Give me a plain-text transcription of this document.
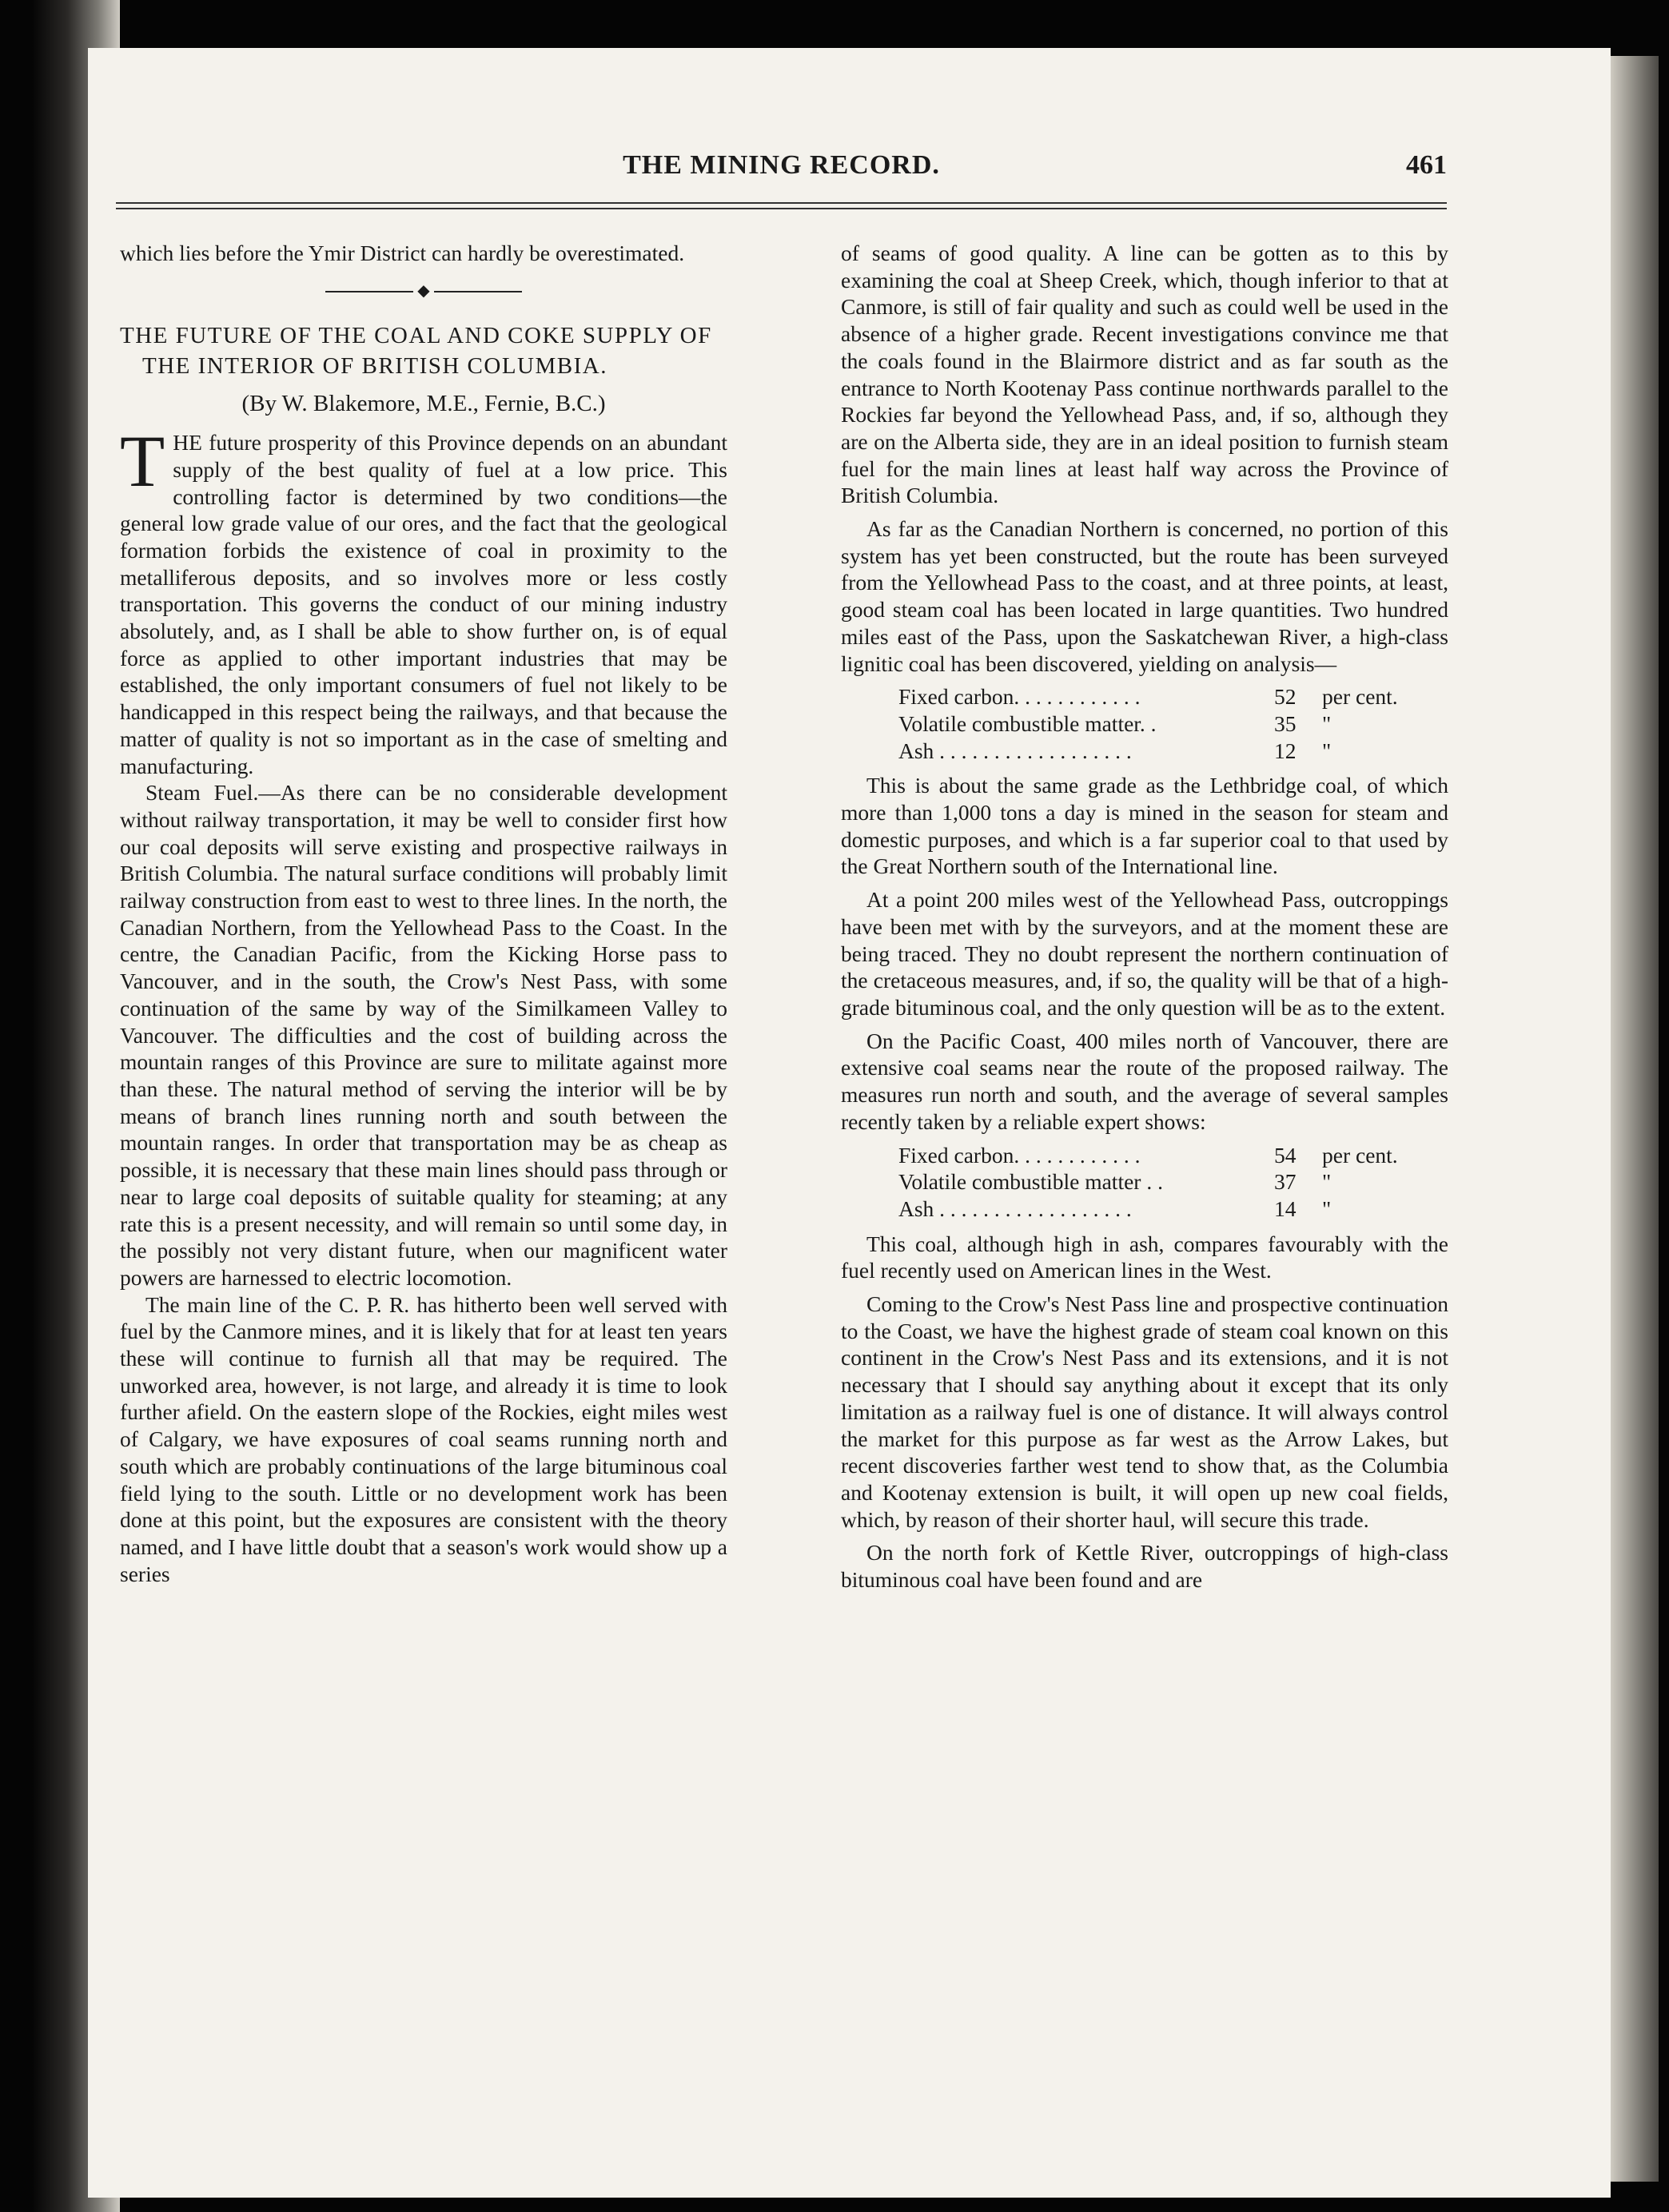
THE MINING RECORD.	461

which lies before the Ymir District can hardly be overestimated.

◆
THE FUTURE OF THE COAL AND COKE SUPPLY OF THE INTERIOR OF BRITISH COLUMBIA.
(By W. Blakemore, M.E., Fernie, B.C.)

THE future prosperity of this Province depends on an abundant supply of the best quality of fuel at a low price. This controlling factor is determined by two conditions—the general low grade value of our ores, and the fact that the geological formation forbids the existence of coal in proximity to the metalliferous deposits, and so involves more or less costly transportation. This governs the conduct of our mining industry absolutely, and, as I shall be able to show further on, is of equal force as applied to other important industries that may be established, the only important consumers of fuel not likely to be handicapped in this respect being the railways, and that because the matter of quality is not so important as in the case of smelting and manufacturing.

Steam Fuel.—As there can be no considerable development without railway transportation, it may be well to consider first how our coal deposits will serve existing and prospective railways in British Columbia. The natural surface conditions will probably limit railway construction from east to west to three lines. In the north, the Canadian Northern, from the Yellowhead Pass to the Coast. In the centre, the Canadian Pacific, from the Kicking Horse pass to Vancouver, and in the south, the Crow's Nest Pass, with some continuation of the same by way of the Similkameen Valley to Vancouver. The difficulties and the cost of building across the mountain ranges of this Province are sure to militate against more than these. The natural method of serving the interior will be by means of branch lines running north and south between the mountain ranges. In order that transportation may be as cheap as possible, it is necessary that these main lines should pass through or near to large coal deposits of suitable quality for steaming; at any rate this is a present necessity, and will remain so until some day, in the possibly not very distant future, when our magnificent water powers are harnessed to electric locomotion.

The main line of the C. P. R. has hitherto been well served with fuel by the Canmore mines, and it is likely that for at least ten years these will continue to furnish all that may be required. The unworked area, however, is not large, and already it is time to look further afield. On the eastern slope of the Rockies, eight miles west of Calgary, we have exposures of coal seams running north and south which are probably continuations of the large bituminous coal field lying to the south. Little or no development work has been done at this point, but the exposures are consistent with the theory named, and I have little doubt that a season's work would show up a series

of seams of good quality. A line can be gotten as to this by examining the coal at Sheep Creek, which, though inferior to that at Canmore, is still of fair quality and such as could well be used in the absence of a higher grade. Recent investigations convince me that the coals found in the Blairmore district and as far south as the entrance to North Kootenay Pass continue northwards parallel to the Rockies far beyond the Yellowhead Pass, and, if so, although they are on the Alberta side, they are in an ideal position to furnish steam fuel for the main lines at least half way across the Province of British Columbia.

As far as the Canadian Northern is concerned, no portion of this system has yet been constructed, but the route has been surveyed from the Yellowhead Pass to the coast, and at three points, at least, good steam coal has been located in large quantities. Two hundred miles east of the Pass, upon the Saskatchewan River, a high-class lignitic coal has been discovered, yielding on analysis—

Fixed carbon. . . . . . . . . . . .	52	per cent.
Volatile combustible matter. .	35	"
Ash . . . . . . . . . . . . . . . . . .	12	"

This is about the same grade as the Lethbridge coal, of which more than 1,000 tons a day is mined in the season for steam and domestic purposes, and which is a far superior coal to that used by the Great Northern south of the International line.

At a point 200 miles west of the Yellowhead Pass, outcroppings have been met with by the surveyors, and at the moment these are being traced. They no doubt represent the northern continuation of the cretaceous measures, and, if so, the quality will be that of a high-grade bituminous coal, and the only question will be as to the extent.

On the Pacific Coast, 400 miles north of Vancouver, there are extensive coal seams near the route of the proposed railway. The measures run north and south, and the average of several samples recently taken by a reliable expert shows:

Fixed carbon. . . . . . . . . . . .	54	per cent.
Volatile combustible matter . .	37	"
Ash . . . . . . . . . . . . . . . . . .	14	"

This coal, although high in ash, compares favourably with the fuel recently used on American lines in the West.

Coming to the Crow's Nest Pass line and prospective continuation to the Coast, we have the highest grade of steam coal known on this continent in the Crow's Nest Pass and its extensions, and it is not necessary that I should say anything about it except that its only limitation as a railway fuel is one of distance. It will always control the market for this purpose as far west as the Arrow Lakes, but recent discoveries farther west tend to show that, as the Columbia and Kootenay extension is built, it will open up new coal fields, which, by reason of their shorter haul, will secure this trade.

On the north fork of Kettle River, outcroppings of high-class bituminous coal have been found and are
